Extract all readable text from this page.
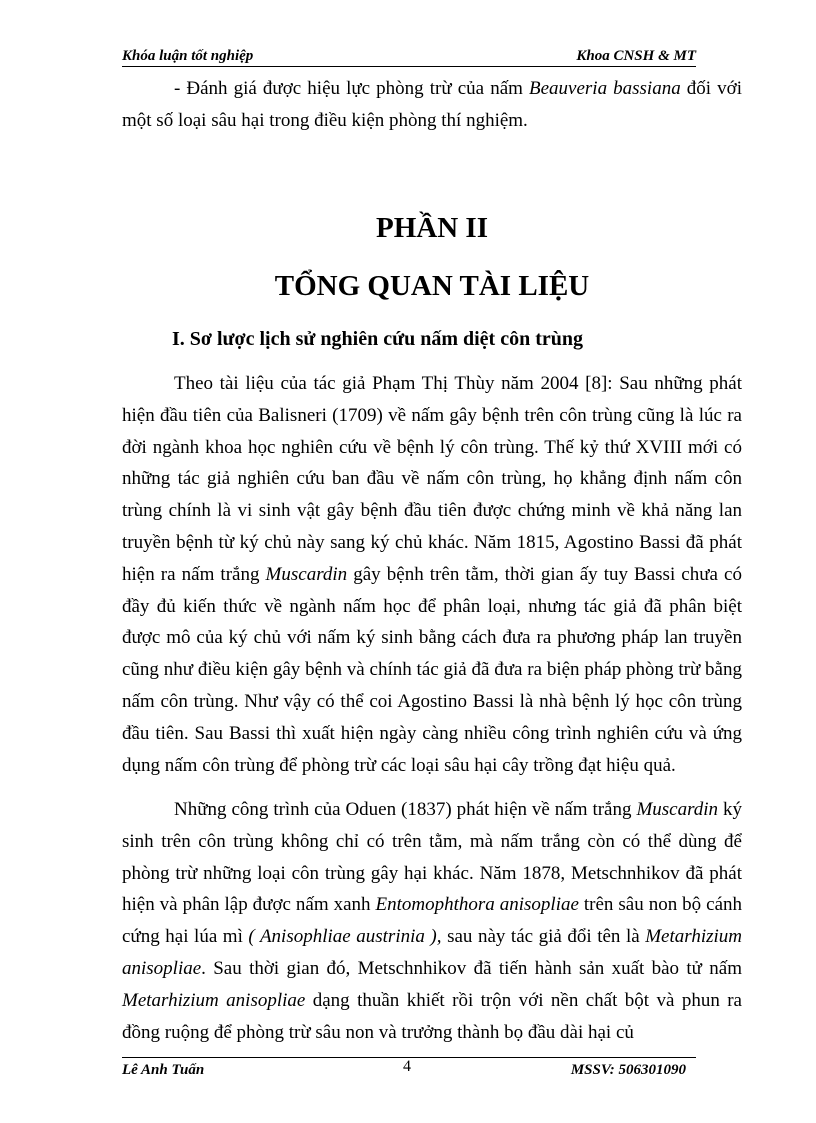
Khóa luận tốt nghiệp	Khoa CNSH & MT

- Đánh giá được hiệu lực phòng trừ của nấm Beauveria bassiana đối với một số loại sâu hại trong điều kiện phòng thí nghiệm.

PHẦN II
TỔNG QUAN TÀI LIỆU
I. Sơ lược lịch sử nghiên cứu nấm diệt côn trùng

Theo tài liệu của tác giả Phạm Thị Thùy năm 2004 [8]: Sau những phát hiện đầu tiên của Balisneri (1709) về nấm gây bệnh trên côn trùng cũng là lúc ra đời ngành khoa học nghiên cứu về bệnh lý côn trùng. Thế kỷ thứ XVIII mới có những tác giả nghiên cứu ban đầu về nấm côn trùng, họ khẳng định nấm côn trùng chính là vi sinh vật gây bệnh đầu tiên được chứng minh về khả năng lan truyền bệnh từ ký chủ này sang ký chủ khác. Năm 1815, Agostino Bassi đã phát hiện ra nấm trắng Muscardin gây bệnh trên tằm, thời gian ấy tuy Bassi chưa có đầy đủ kiến thức về ngành nấm học để phân loại, nhưng tác giả đã phân biệt được mô của ký chủ với nấm ký sinh bằng cách đưa ra phương pháp lan truyền cũng như điều kiện gây bệnh và chính tác giả đã đưa ra biện pháp phòng trừ bằng nấm côn trùng. Như vậy có thể coi Agostino Bassi là nhà bệnh lý học côn trùng đầu tiên. Sau Bassi thì xuất hiện ngày càng nhiều công trình nghiên cứu và ứng dụng nấm côn trùng để phòng trừ các loại sâu hại cây trồng đạt hiệu quả.

Những công trình của Oduen (1837) phát hiện về nấm trắng Muscardin ký sinh trên côn trùng không chỉ có trên tằm, mà nấm trắng còn có thể dùng để phòng trừ những loại côn trùng gây hại khác. Năm 1878, Metschnhikov đã phát hiện và phân lập được nấm xanh Entomophthora anisopliae trên sâu non bộ cánh cứng hại lúa mì ( Anisophliae austrinia ), sau này tác giả đổi tên là Metarhizium anisopliae. Sau thời gian đó, Metschnhikov đã tiến hành sản xuất bào tử nấm Metarhizium anisopliae dạng thuần khiết rồi trộn với nền chất bột và phun ra đồng ruộng để phòng trừ sâu non và trưởng thành bọ đầu dài hại củ

Lê Anh Tuấn	4	MSSV: 506301090
